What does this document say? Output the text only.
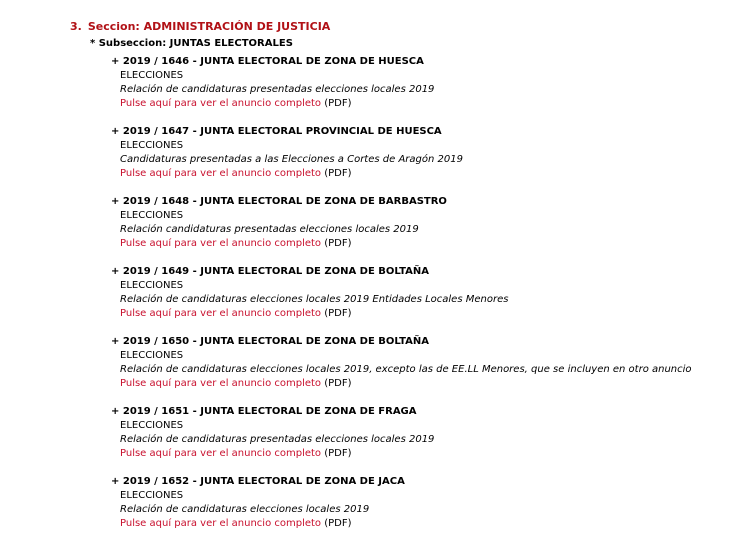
3. Seccion: ADMINISTRACIÓN DE JUSTICIA
* Subseccion: JUNTAS ELECTORALES
+ 2019 / 1646 - JUNTA ELECTORAL DE ZONA DE HUESCA
ELECCIONES
Relación de candidaturas presentadas elecciones locales 2019
Pulse aquí para ver el anuncio completo (PDF)
+ 2019 / 1647 - JUNTA ELECTORAL PROVINCIAL DE HUESCA
ELECCIONES
Candidaturas presentadas a las Elecciones a Cortes de Aragón 2019
Pulse aquí para ver el anuncio completo (PDF)
+ 2019 / 1648 - JUNTA ELECTORAL DE ZONA DE BARBASTRO
ELECCIONES
Relación candidaturas presentadas elecciones locales 2019
Pulse aquí para ver el anuncio completo (PDF)
+ 2019 / 1649 - JUNTA ELECTORAL DE ZONA DE BOLTAÑA
ELECCIONES
Relación de candidaturas elecciones locales 2019 Entidades Locales Menores
Pulse aquí para ver el anuncio completo (PDF)
+ 2019 / 1650 - JUNTA ELECTORAL DE ZONA DE BOLTAÑA
ELECCIONES
Relación de candidaturas elecciones locales 2019, excepto las de EE.LL Menores, que se incluyen en otro anuncio
Pulse aquí para ver el anuncio completo (PDF)
+ 2019 / 1651 - JUNTA ELECTORAL DE ZONA DE FRAGA
ELECCIONES
Relación de candidaturas presentadas elecciones locales 2019
Pulse aquí para ver el anuncio completo (PDF)
+ 2019 / 1652 - JUNTA ELECTORAL DE ZONA DE JACA
ELECCIONES
Relación de candidaturas elecciones locales 2019
Pulse aquí para ver el anuncio completo (PDF)
